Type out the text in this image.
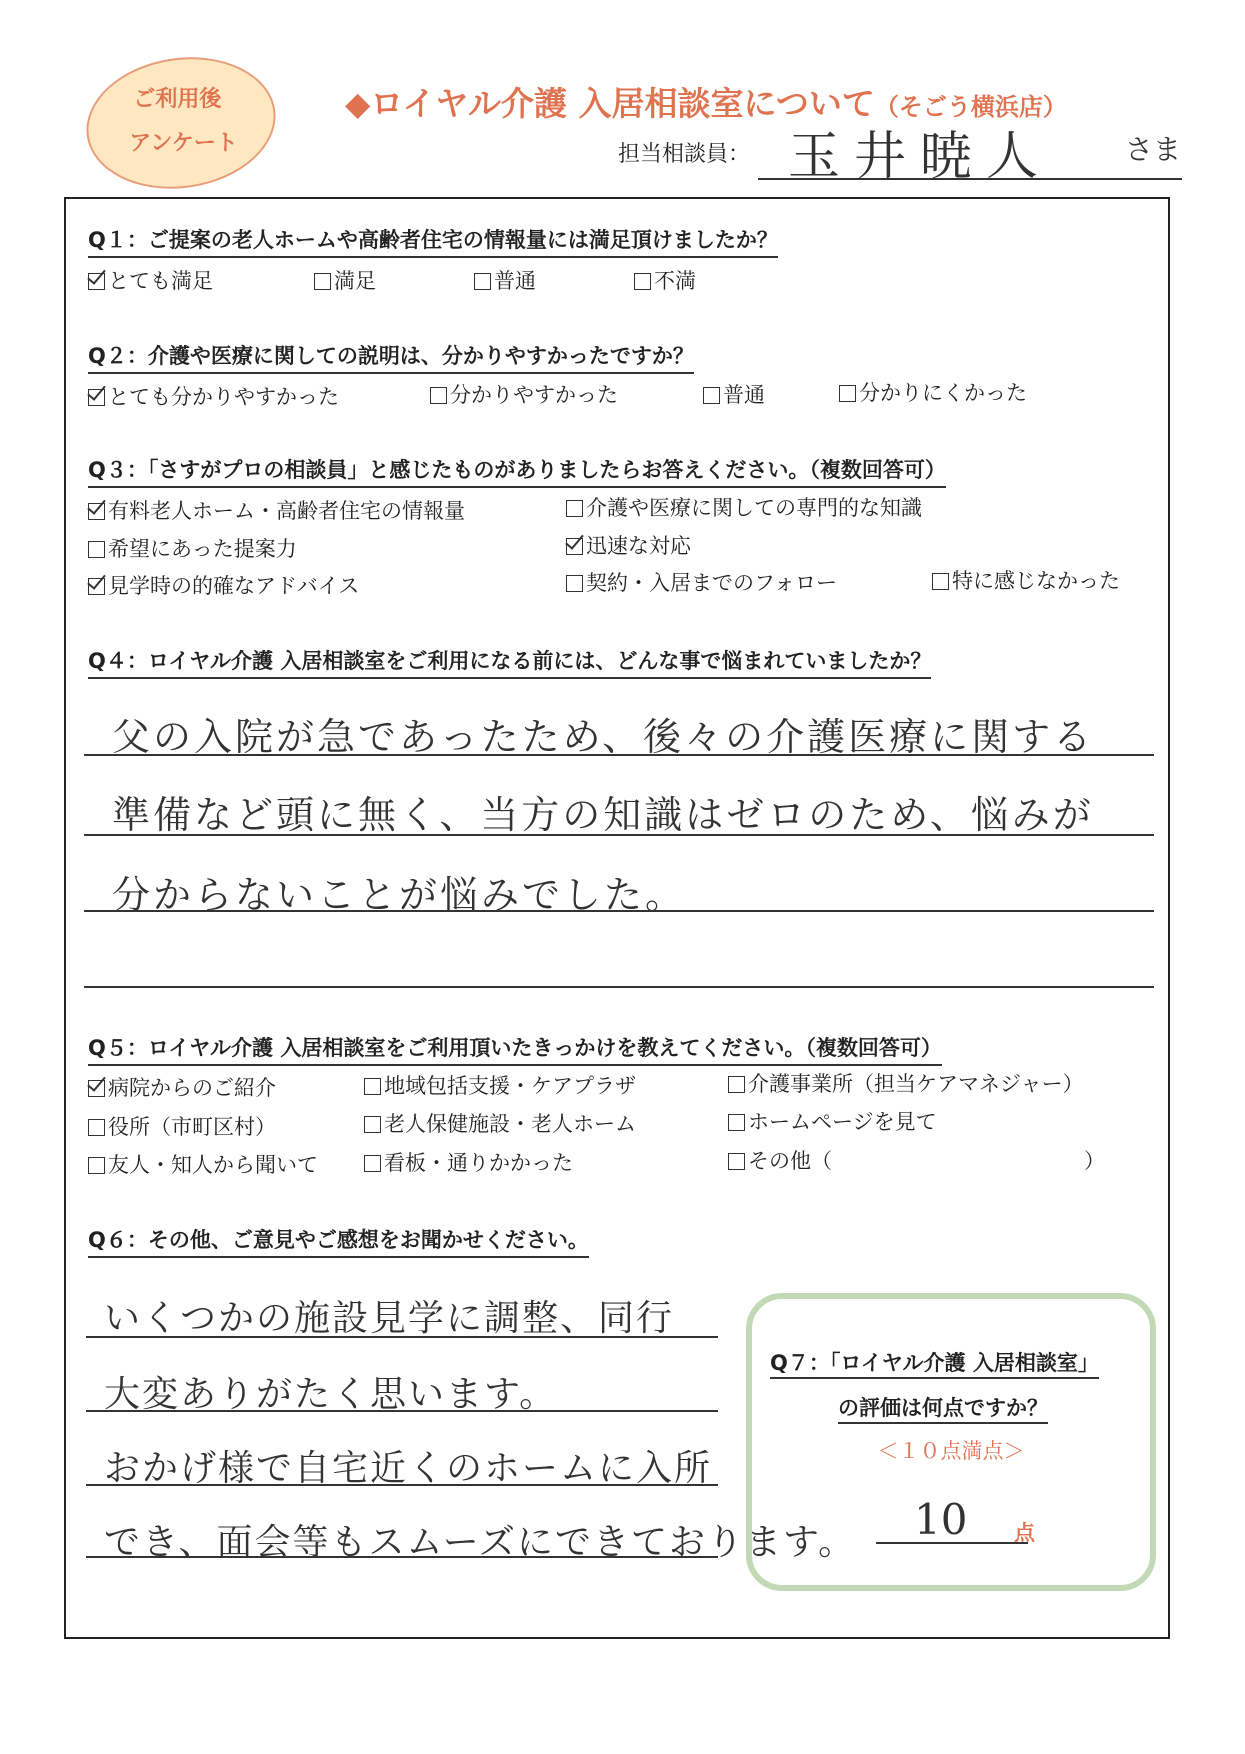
ご利用後
アンケート
◆ロイヤル介護 入居相談室について（そごう横浜店）
担当相談員： 玉井暁人	さま
Q１：ご提案の老人ホームや高齢者住宅の情報量には満足頂けましたか？
とても満足	満足	普通	不満
Q２：介護や医療に関しての説明は、分かりやすかったですか？
とても分かりやすかった	分かりやすかった	普通	分かりにくかった
Q３：「さすがプロの相談員」と感じたものがありましたらお答えください。（複数回答可）
有料老人ホーム・高齢者住宅の情報量	介護や医療に関しての専門的な知識
希望にあった提案力	迅速な対応
見学時の的確なアドバイス	契約・入居までのフォロー	特に感じなかった
Q４：ロイヤル介護 入居相談室をご利用になる前には、どんな事で悩まれていましたか？
父の入院が急であったため、後々の介護医療に関する
準備など頭に無く、当方の知識はゼロのため、悩みが
分からないことが悩みでした。
Q５：ロイヤル介護 入居相談室をご利用頂いたきっかけを教えてください。（複数回答可）
病院からのご紹介	地域包括支援・ケアプラザ	介護事業所（担当ケアマネジャー）
役所（市町区村）	老人保健施設・老人ホーム	ホームページを見て
友人・知人から聞いて	看板・通りかかった	その他（	）
Q６：その他、ご意見やご感想をお聞かせください。
いくつかの施設見学に調整、同行
大変ありがたく思います。
おかげ様で自宅近くのホームに入所
でき、面会等もスムーズにできております。
Q７：「ロイヤル介護 入居相談室」
の評価は何点ですか？
＜１０点満点＞
10 点
